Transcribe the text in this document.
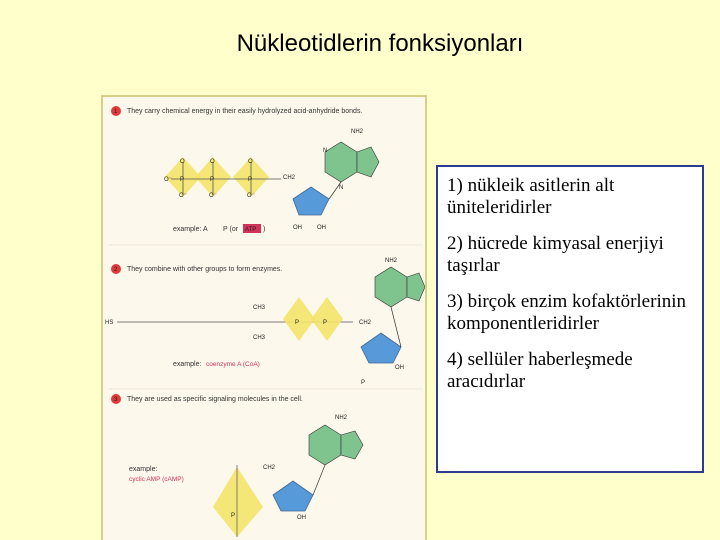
Nükleotidlerin fonksiyonları
1 They carry chemical energy in their easily hydrolyzed acid-anhydride bonds.
O	O	O
P	P	P
O⁻
O⁻	O⁻	O⁻
CH2
NH2
N
N
OH	OH
example: A P (or ATP )
2 They combine with other groups to form enzymes.
HS	P	P
CH3
CH3
CH2
NH2
OH
P
example: coenzyme A (CoA)
3 They are used as specific signaling molecules in the cell.
NH2
P
CH2
OH
example:
cyclic AMP (cAMP)
1) nükleik asitlerin alt üniteleridirler
2) hücrede kimyasal enerjiyi taşırlar
3) birçok enzim kofaktörlerinin komponentleridirler
4) sellüler haberleşmede aracıdırlar
